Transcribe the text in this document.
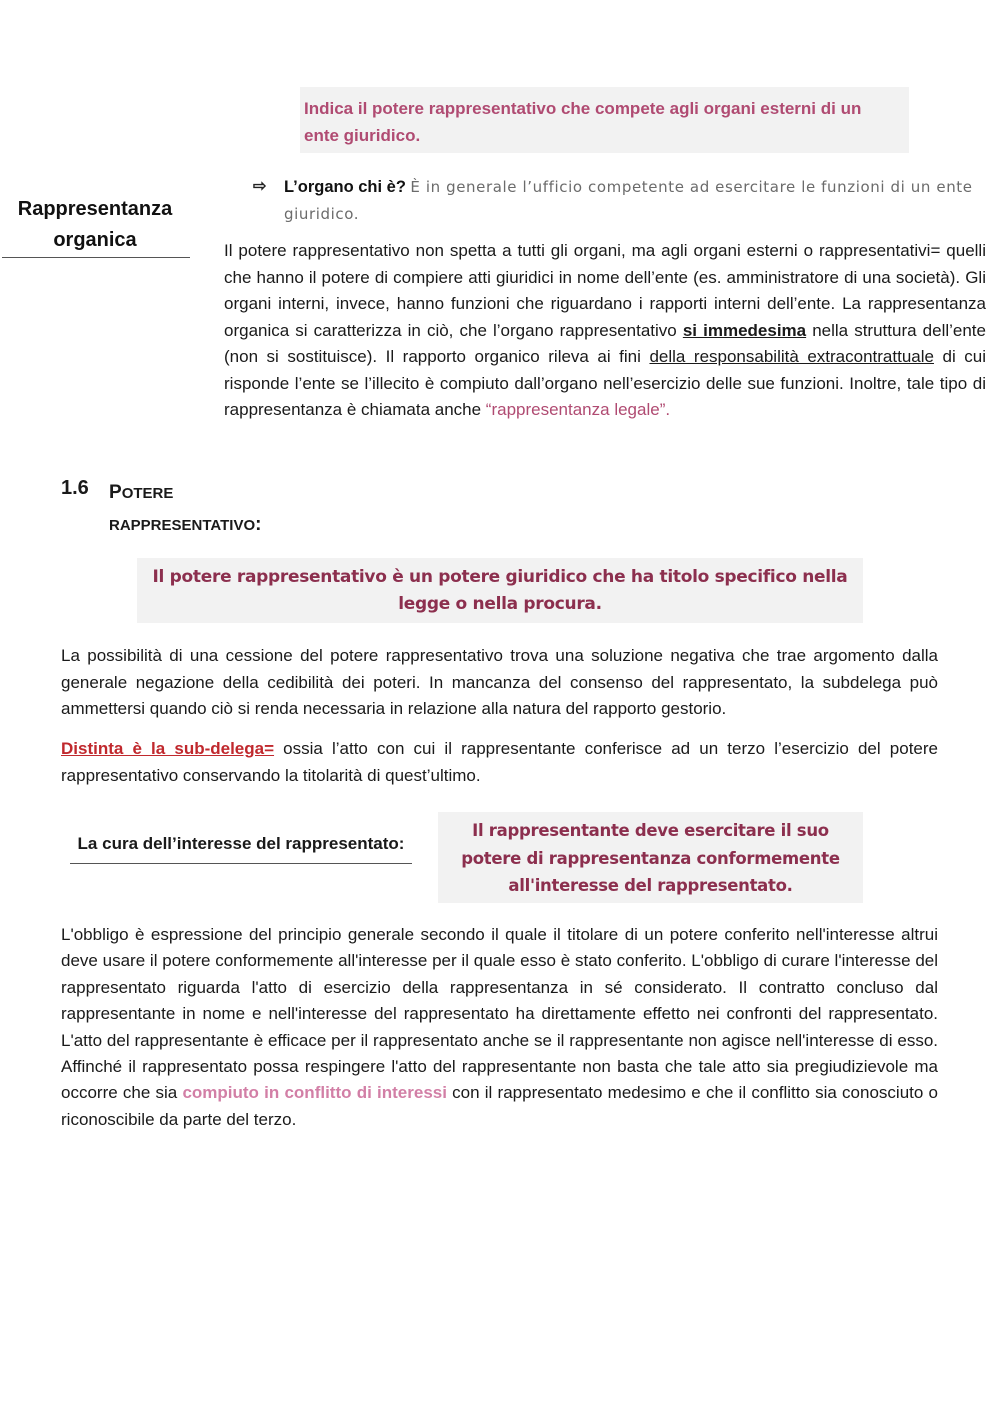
Indica il potere rappresentativo che compete agli organi esterni di un ente giuridico.
Rappresentanza organica
⇨ L’organo chi è? È in generale l’ufficio competente ad esercitare le funzioni di un ente giuridico.
Il potere rappresentativo non spetta a tutti gli organi, ma agli organi esterni o rappresentativi= quelli che hanno il potere di compiere atti giuridici in nome dell’ente (es. amministratore di una società). Gli organi interni, invece, hanno funzioni che riguardano i rapporti interni dell’ente. La rappresentanza organica si caratterizza in ciò, che l’organo rappresentativo si immedesima nella struttura dell’ente (non si sostituisce). Il rapporto organico rileva ai fini della responsabilità extracontrattuale di cui risponde l’ente se l’illecito è compiuto dall’organo nell’esercizio delle sue funzioni. Inoltre, tale tipo di rappresentanza è chiamata anche “rappresentanza legale”.
1.6 POTERE
RAPPRESENTATIVO:
Il potere rappresentativo è un potere giuridico che ha titolo specifico nella legge o nella procura.
La possibilità di una cessione del potere rappresentativo trova una soluzione negativa che trae argomento dalla generale negazione della cedibilità dei poteri. In mancanza del consenso del rappresentato, la subdelega può ammettersi quando ciò si renda necessaria in relazione alla natura del rapporto gestorio.
Distinta è la sub-delega= ossia l’atto con cui il rappresentante conferisce ad un terzo l’esercizio del potere rappresentativo conservando la titolarità di quest’ultimo.
La cura dell’interesse del rappresentato:
Il rappresentante deve esercitare il suo potere di rappresentanza conformemente all'interesse del rappresentato.
L'obbligo è espressione del principio generale secondo il quale il titolare di un potere conferito nell'interesse altrui deve usare il potere conformemente all'interesse per il quale esso è stato conferito. L'obbligo di curare l'interesse del rappresentato riguarda l'atto di esercizio della rappresentanza in sé considerato. Il contratto concluso dal rappresentante in nome e nell'interesse del rappresentato ha direttamente effetto nei confronti del rappresentato. L'atto del rappresentante è efficace per il rappresentato anche se il rappresentante non agisce nell'interesse di esso. Affinché il rappresentato possa respingere l'atto del rappresentante non basta che tale atto sia pregiudizievole ma occorre che sia compiuto in conflitto di interessi con il rappresentato medesimo e che il conflitto sia conosciuto o riconoscibile da parte del terzo.
